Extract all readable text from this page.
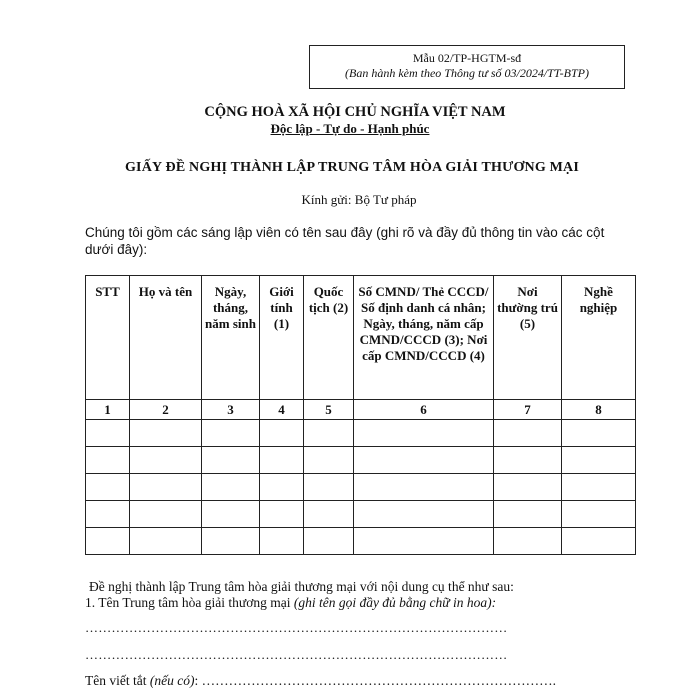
Mẫu 02/TP-HGTM-sđ
(Ban hành kèm theo Thông tư số 03/2024/TT-BTP)
CỘNG HOÀ XÃ HỘI CHỦ NGHĨA VIỆT NAM
Độc lập - Tự do - Hạnh phúc
GIẤY ĐỀ NGHỊ THÀNH LẬP TRUNG TÂM HÒA GIẢI THƯƠNG MẠI
Kính gửi: Bộ Tư pháp
Chúng tôi gồm các sáng lập viên có tên sau đây (ghi rõ và đầy đủ thông tin vào các cột dưới đây):
STT	Họ và tên	Ngày, tháng, năm sinh	Giới tính (1)	Quốc tịch (2)	Số CMND/ Thẻ CCCD/ Số định danh cá nhân; Ngày, tháng, năm cấp CMND/CCCD (3); Nơi cấp CMND/CCCD (4)	Nơi thường trú (5)	Nghề nghiệp
1	2	3	4	5	6	7	8

Đề nghị thành lập Trung tâm hòa giải thương mại với nội dung cụ thể như sau:
1. Tên Trung tâm hòa giải thương mại (ghi tên gọi đầy đủ bằng chữ in hoa):
……………………………………………………………………………………
……………………………………………………………………………………
Tên viết tắt (nếu có): …………………………………………………………………….
